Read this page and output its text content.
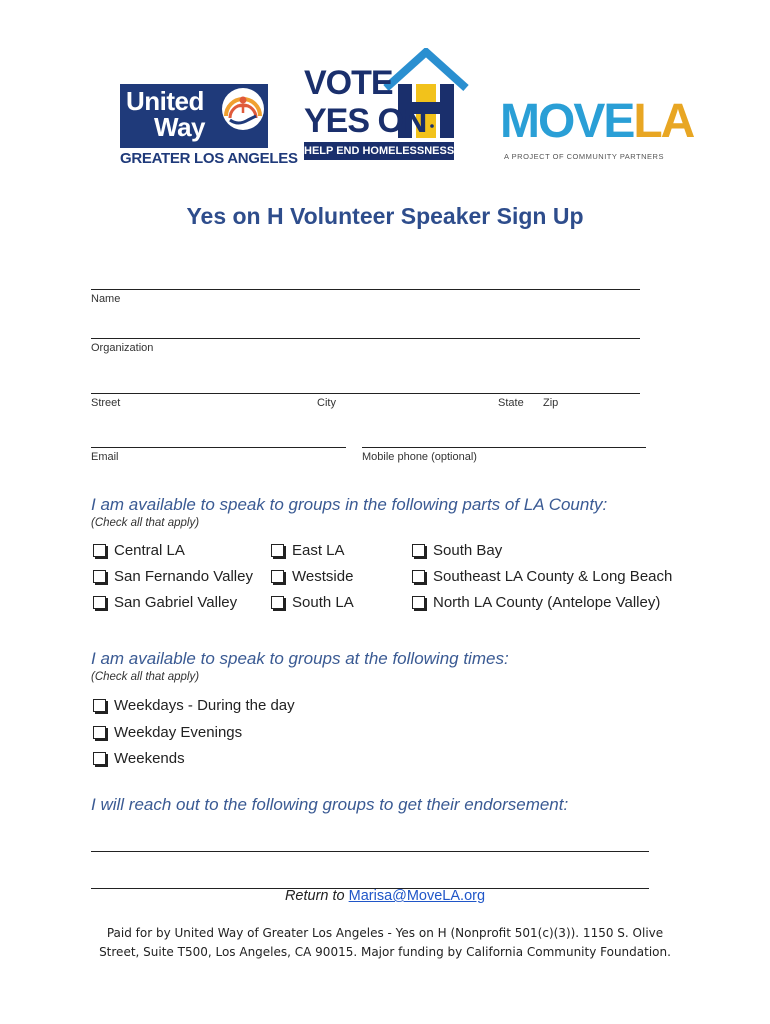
United
Way
GREATER LOS ANGELES
VOTE
YES ON
HELP END HOMELESSNESS
MOVELA
A PROJECT OF COMMUNITY PARTNERS
Yes on H Volunteer Speaker Sign Up
Name
Organization
Street	City	State Zip
Email	Mobile phone (optional)
I am available to speak to groups in the following parts of LA County:
(Check all that apply)
Central LA	East LA	South Bay
San Fernando Valley	Westside	Southeast LA County & Long Beach
San Gabriel Valley	South LA	North LA County (Antelope Valley)
I am available to speak to groups at the following times:
(Check all that apply)
Weekdays - During the day
Weekday Evenings
Weekends
I will reach out to the following groups to get their endorsement:
Return to Marisa@MoveLA.org
Paid for by United Way of Greater Los Angeles - Yes on H (Nonprofit 501(c)(3)). 1150 S. Olive
Street, Suite T500, Los Angeles, CA 90015. Major funding by California Community Foundation.
